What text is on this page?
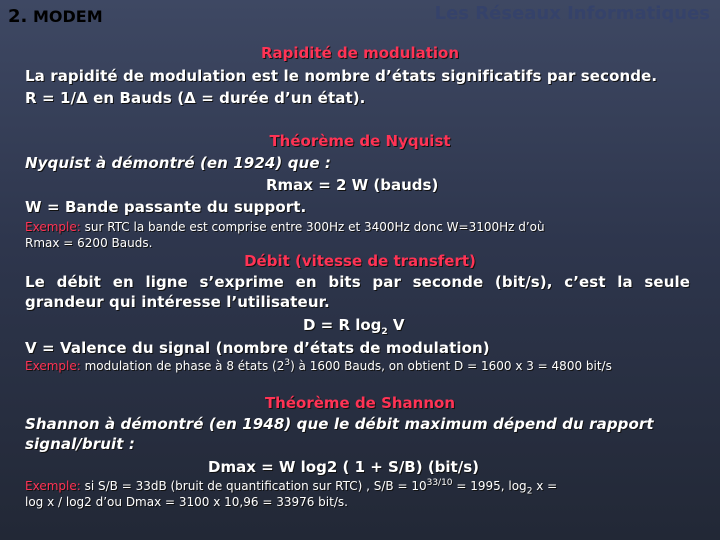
2. MODEM	Les Réseaux Informatiques
Rapidité de modulation
La rapidité de modulation est le nombre d’états significatifs par seconde.
R = 1/Δ en Bauds (Δ = durée d’un état).
Théorème de Nyquist
Nyquist à démontré (en 1924) que :
Rmax = 2 W (bauds)
W = Bande passante du support.
Exemple: sur RTC la bande est comprise entre 300Hz et 3400Hz donc W=3100Hz d’où
Rmax = 6200 Bauds.
Débit (vitesse de transfert)
Le débit en ligne s’exprime en bits par seconde (bit/s), c’est la seule grandeur qui intéresse l’utilisateur.
D = R $\log_2 V$
V = Valence du signal (nombre d’états de modulation)
Exemple: modulation de phase à 8 états $(2^3)$ à 1600 Bauds, on obtient D = 1600 x 3 = 4800 bit/s
Théorème de Shannon
Shannon à démontré (en 1948) que le débit maximum dépend du rapport signal/bruit :
Dmax = W log2 ( 1 + S/B) (bit/s)
Exemple: si S/B = 33dB (bruit de quantification sur RTC) , $S/B = 10^{33/10} = 1995$, $\log_2 x$ =
log x / log2 d’ou Dmax = 3100 x 10,96 = 33976 bit/s.
